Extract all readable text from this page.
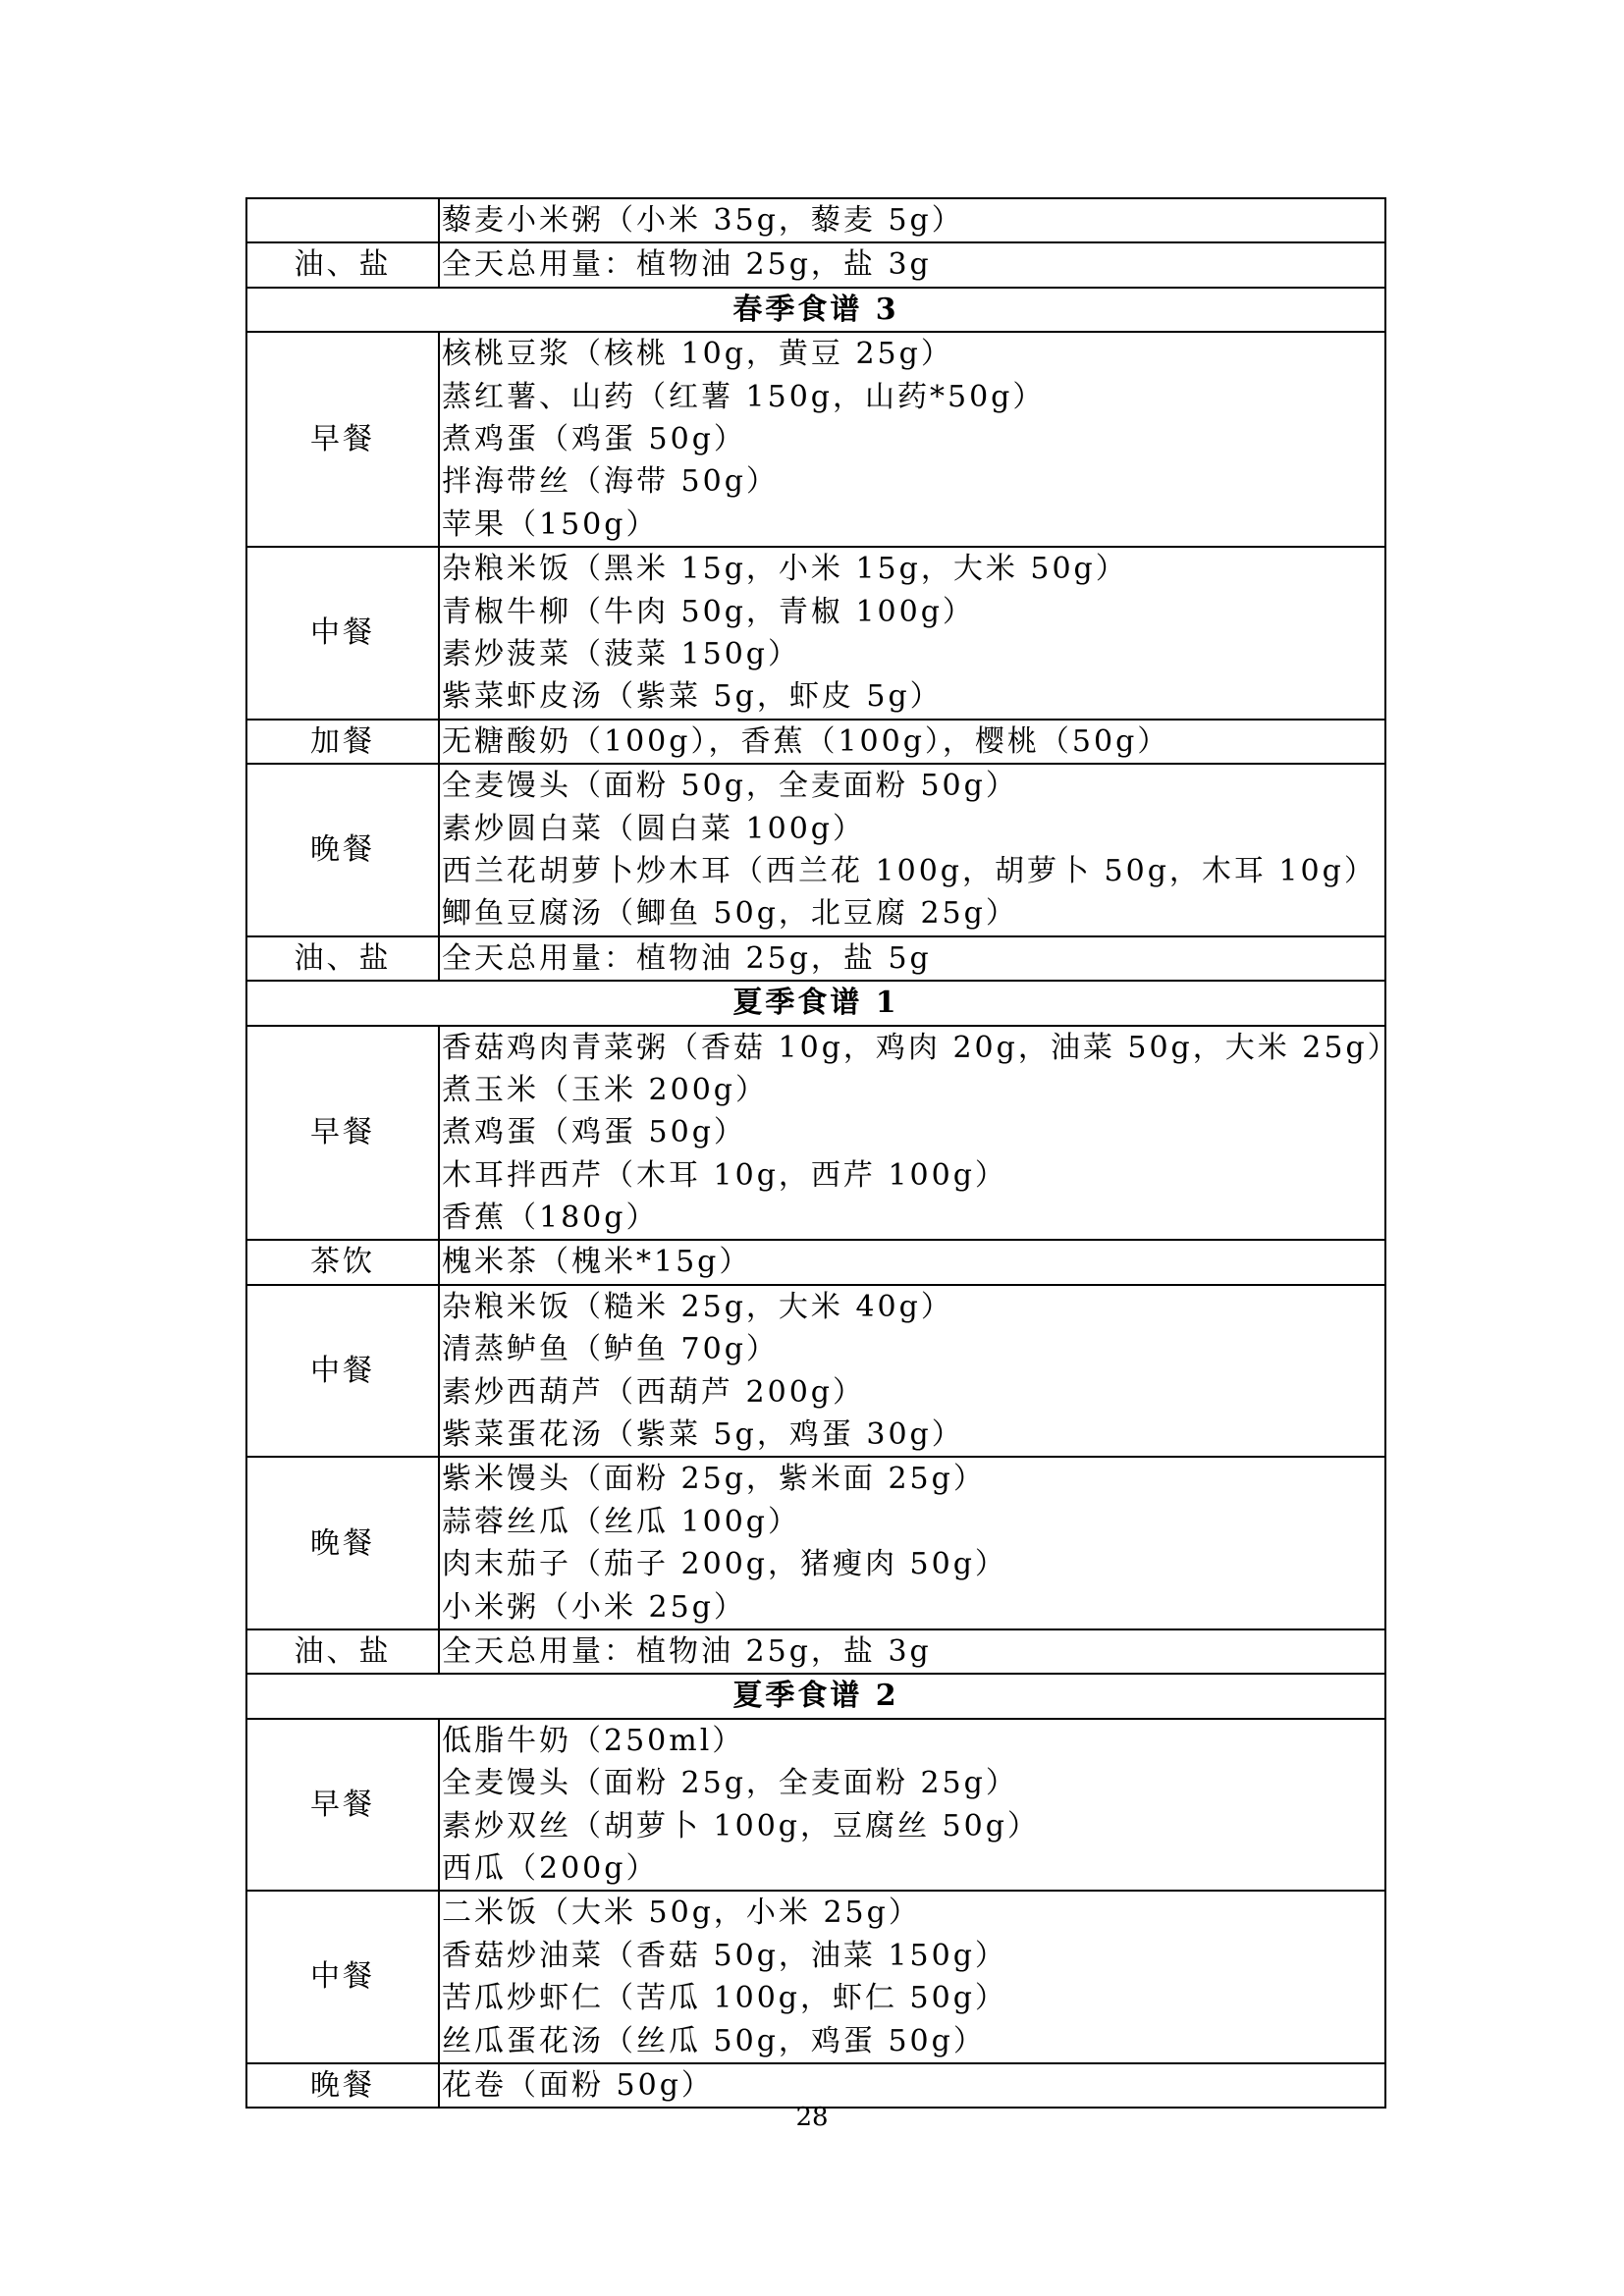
	藜麦小米粥（小米 35g，藜麦 5g）

油、盐	全天总用量：植物油 25g，盐 3g

春季食谱 3	
早餐	核桃豆浆（核桃 10g，黄豆 25g）
蒸红薯、山药（红薯 150g，山药*50g）
煮鸡蛋（鸡蛋 50g）
拌海带丝（海带 50g）
苹果（150g）

中餐	杂粮米饭（黑米 15g，小米 15g，大米 50g）
青椒牛柳（牛肉 50g，青椒 100g）
素炒菠菜（菠菜 150g）
紫菜虾皮汤（紫菜 5g，虾皮 5g）

加餐	无糖酸奶（100g），香蕉（100g），樱桃（50g）

晚餐	全麦馒头（面粉 50g，全麦面粉 50g）
素炒圆白菜（圆白菜 100g）
西兰花胡萝卜炒木耳（西兰花 100g，胡萝卜 50g，木耳 10g）
鲫鱼豆腐汤（鲫鱼 50g，北豆腐 25g）

油、盐	全天总用量：植物油 25g，盐 5g

夏季食谱 1	
早餐	香菇鸡肉青菜粥（香菇 10g，鸡肉 20g，油菜 50g，大米 25g）
煮玉米（玉米 200g）
煮鸡蛋（鸡蛋 50g）
木耳拌西芹（木耳 10g，西芹 100g）
香蕉（180g）

茶饮	槐米茶（槐米*15g）

中餐	杂粮米饭（糙米 25g，大米 40g）
清蒸鲈鱼（鲈鱼 70g）
素炒西葫芦（西葫芦 200g）
紫菜蛋花汤（紫菜 5g，鸡蛋 30g）

晚餐	紫米馒头（面粉 25g，紫米面 25g）
蒜蓉丝瓜（丝瓜 100g）
肉末茄子（茄子 200g，猪瘦肉 50g）
小米粥（小米 25g）

油、盐	全天总用量：植物油 25g，盐 3g

夏季食谱 2	
早餐	低脂牛奶（250ml）
全麦馒头（面粉 25g，全麦面粉 25g）
素炒双丝（胡萝卜 100g，豆腐丝 50g）
西瓜（200g）

中餐	二米饭（大米 50g，小米 25g）
香菇炒油菜（香菇 50g，油菜 150g）
苦瓜炒虾仁（苦瓜 100g，虾仁 50g）
丝瓜蛋花汤（丝瓜 50g，鸡蛋 50g）

晚餐	花卷（面粉 50g）
28
